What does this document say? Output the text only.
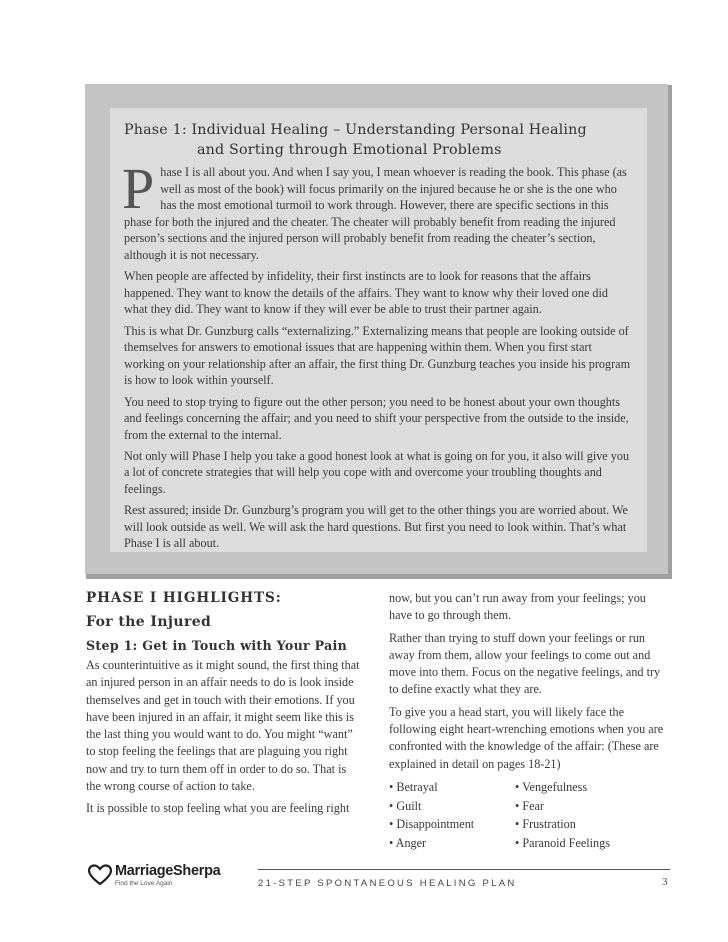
Phase 1: Individual Healing – Understanding Personal Healing
and Sorting through Emotional Problems

Phase I is all about you. And when I say you, I mean whoever is reading the book. This phase (as well as most of the book) will focus primarily on the injured because he or she is the one who has the most emotional turmoil to work through. However, there are specific sections in this phase for both the injured and the cheater. The cheater will probably benefit from reading the injured person’s sections and the injured person will probably benefit from reading the cheater’s section, although it is not necessary.

When people are affected by infidelity, their first instincts are to look for reasons that the affairs happened. They want to know the details of the affairs. They want to know why their loved one did what they did. They want to know if they will ever be able to trust their partner again.

This is what Dr. Gunzburg calls “externalizing.” Externalizing means that people are looking outside of themselves for answers to emotional issues that are happening within them. When you first start working on your relationship after an affair, the first thing Dr. Gunzburg teaches you inside his program is how to look within yourself.

You need to stop trying to figure out the other person; you need to be honest about your own thoughts and feelings concerning the affair; and you need to shift your perspective from the outside to the inside, from the external to the internal.

Not only will Phase I help you take a good honest look at what is going on for you, it also will give you a lot of concrete strategies that will help you cope with and overcome your troubling thoughts and feelings.

Rest assured; inside Dr. Gunzburg’s program you will get to the other things you are worried about. We will look outside as well. We will ask the hard questions. But first you need to look within. That’s what Phase I is all about.

PHASE I HIGHLIGHTS:
For the Injured
Step 1: Get in Touch with Your Pain

As counterintuitive as it might sound, the first thing that an injured person in an affair needs to do is look inside themselves and get in touch with their emotions. If you have been injured in an affair, it might seem like this is the last thing you would want to do. You might “want” to stop feeling the feelings that are plaguing you right now and try to turn them off in order to do so. That is the wrong course of action to take.

It is possible to stop feeling what you are feeling right

now, but you can’t run away from your feelings; you have to go through them.

Rather than trying to stuff down your feelings or run away from them, allow your feelings to come out and move into them. Focus on the negative feelings, and try to define exactly what they are.

To give you a head start, you will likely face the following eight heart-wrenching emotions when you are confronted with the knowledge of the affair: (These are explained in detail on pages 18-21)

• Betrayal	• Vengefulness
• Guilt	• Fear
• Disappointment	• Frustration
• Anger	• Paranoid Feelings
MarriageSherpa
Find the Love Again	21-STEP SPONTANEOUS HEALING PLAN	3
